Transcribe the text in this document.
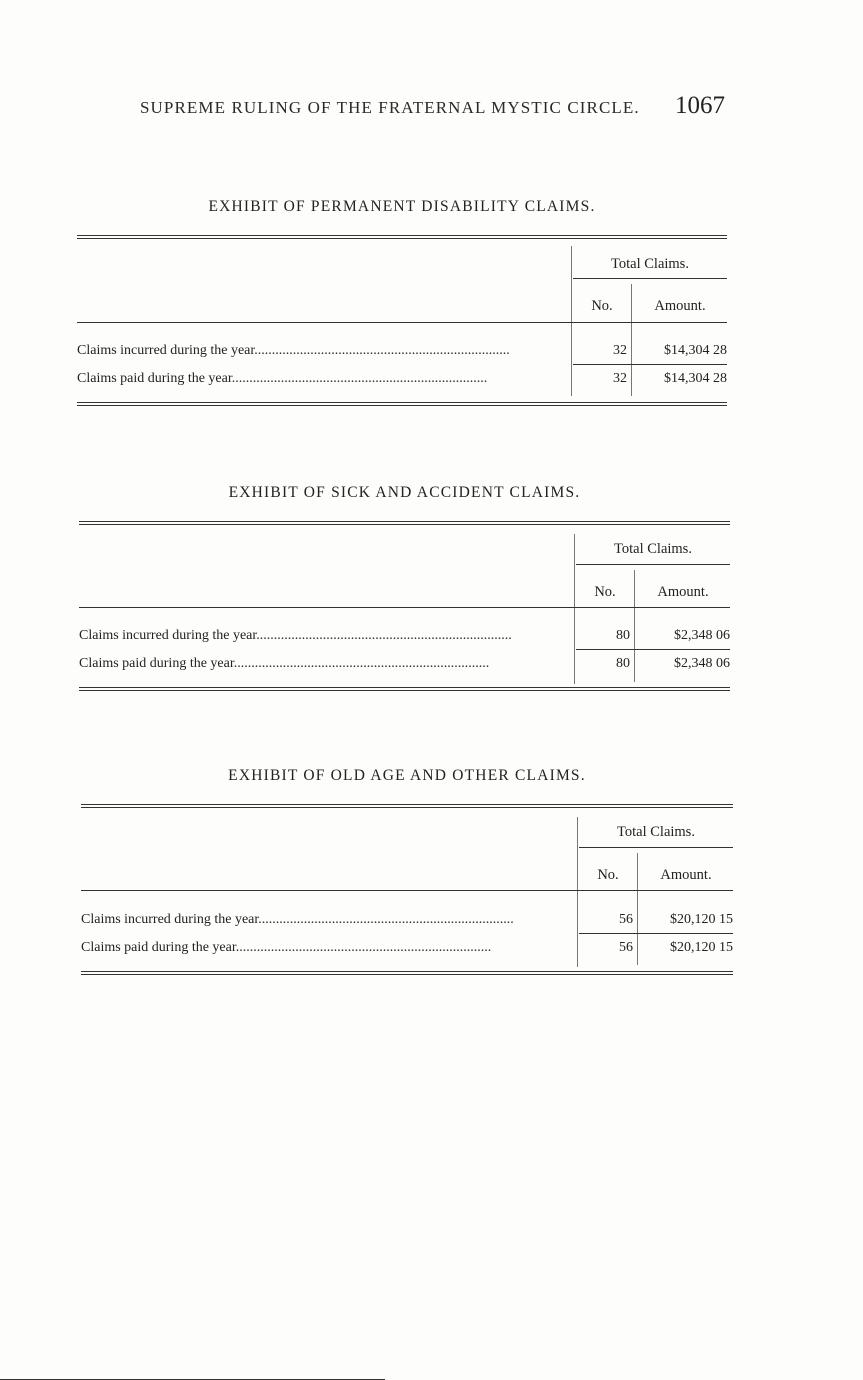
SUPREME RULING OF THE FRATERNAL MYSTIC CIRCLE. 1067
EXHIBIT OF PERMANENT DISABILITY CLAIMS.
Total Claims.
No.	Amount.
Claims incurred during the year.........................................................................	32	$14,304 28
Claims paid during the year.........................................................................	32	$14,304 28
EXHIBIT OF SICK AND ACCIDENT CLAIMS.
Total Claims.
No.	Amount.
Claims incurred during the year.........................................................................	80	$2,348 06
Claims paid during the year.........................................................................	80	$2,348 06
EXHIBIT OF OLD AGE AND OTHER CLAIMS.
Total Claims.
No.	Amount.
Claims incurred during the year.........................................................................	56	$20,120 15
Claims paid during the year.........................................................................	56	$20,120 15
